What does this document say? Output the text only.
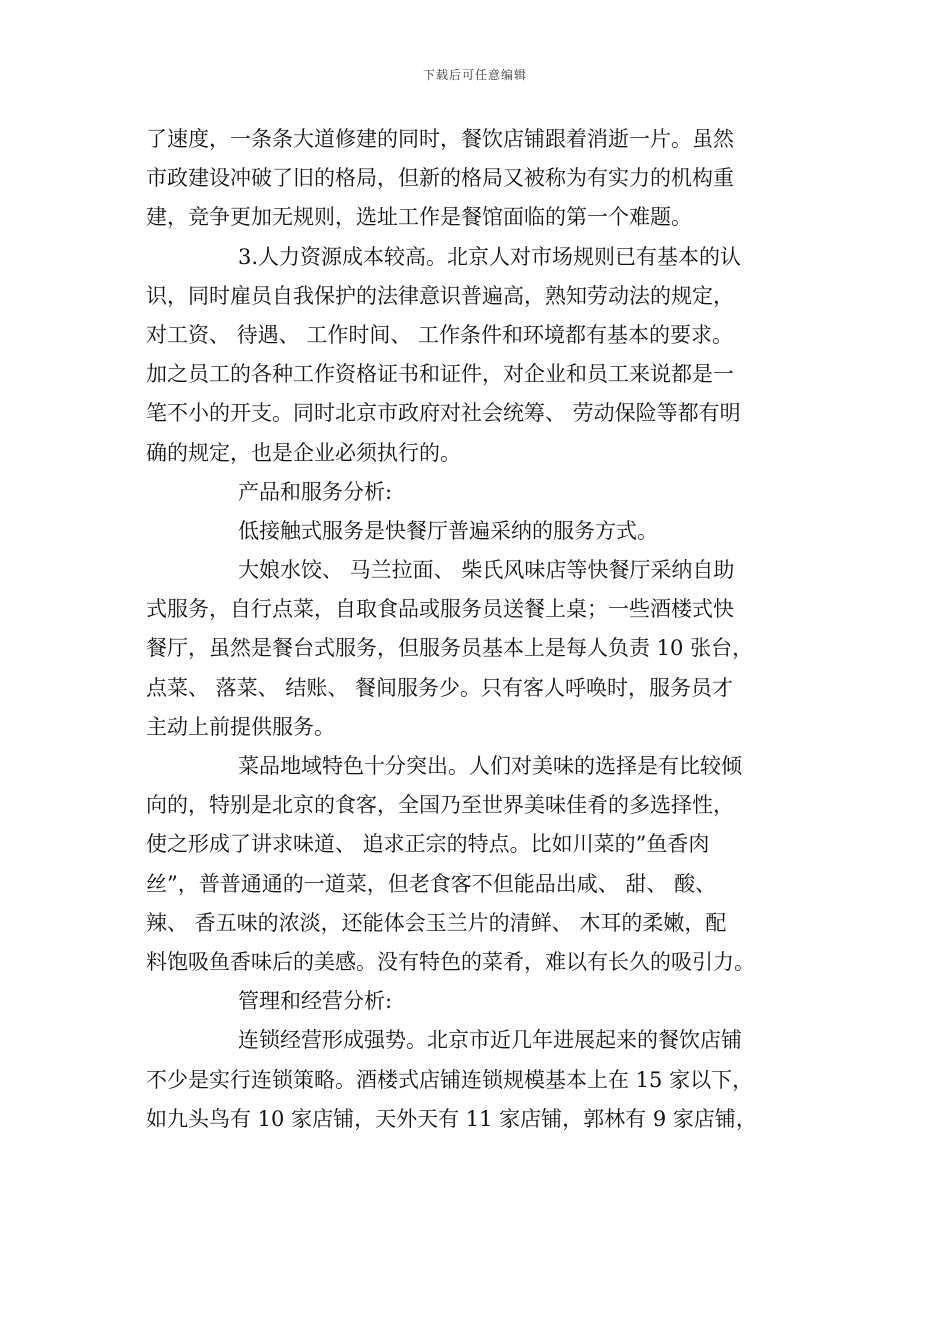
下载后可任意编辑
了速度，一条条大道修建的同时，餐饮店铺跟着消逝一片。虽然
市政建设冲破了旧的格局，但新的格局又被称为有实力的机构重
建，竞争更加无规则，选址工作是餐馆面临的第一个难题。
3.人力资源成本较高。北京人对市场规则已有基本的认
识，同时雇员自我保护的法律意识普遍高，熟知劳动法的规定，
对工资、 待遇、 工作时间、 工作条件和环境都有基本的要求。
加之员工的各种工作资格证书和证件，对企业和员工来说都是一
笔不小的开支。同时北京市政府对社会统筹、 劳动保险等都有明
确的规定，也是企业必须执行的。
产品和服务分析:
低接触式服务是快餐厅普遍采纳的服务方式。
大娘水饺、 马兰拉面、 柴氏风味店等快餐厅采纳自助
式服务，自行点菜，自取食品或服务员送餐上桌；一些酒楼式快
餐厅，虽然是餐台式服务，但服务员基本上是每人负责 10 张台，
点菜、 落菜、 结账、 餐间服务少。只有客人呼唤时，服务员才
主动上前提供服务。
菜品地域特色十分突出。人们对美味的选择是有比较倾
向的，特别是北京的食客，全国乃至世界美味佳肴的多选择性，
使之形成了讲求味道、 追求正宗的特点。比如川菜的”鱼香肉
丝”，普普通通的一道菜，但老食客不但能品出咸、 甜、 酸、
辣、 香五味的浓淡，还能体会玉兰片的清鲜、 木耳的柔嫩，配
料饱吸鱼香味后的美感。没有特色的菜肴，难以有长久的吸引力。
管理和经营分析:
连锁经营形成强势。北京市近几年进展起来的餐饮店铺
不少是实行连锁策略。酒楼式店铺连锁规模基本上在 15 家以下，
如九头鸟有 10 家店铺，天外天有 11 家店铺，郭林有 9 家店铺，
